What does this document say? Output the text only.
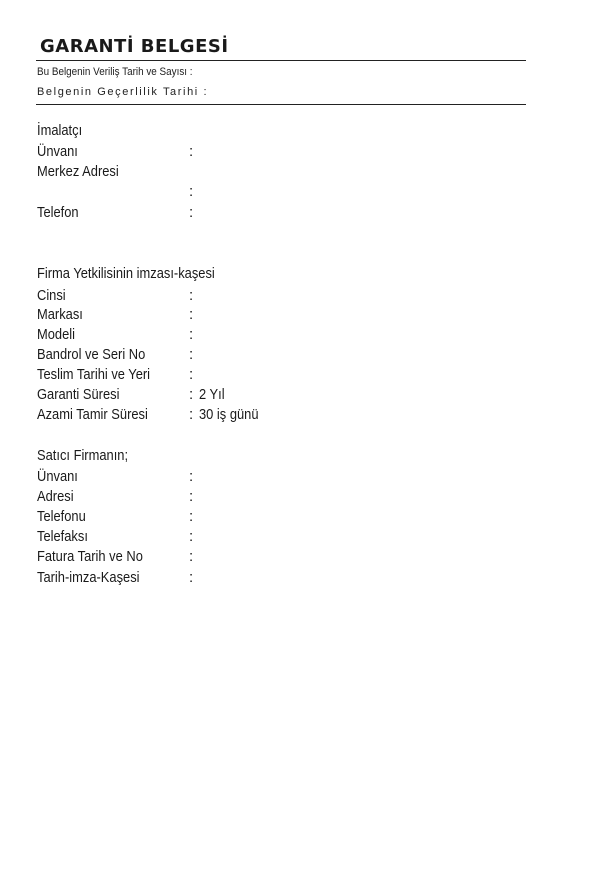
GARANTİ BELGESİ
Bu Belgenin Veriliş Tarih ve Sayısı :
Belgenin Geçerlilik Tarihi :
İmalatçı
Ünvanı	:
Merkez Adresi
:
Telefon	:
Firma Yetkilisinin imzası-kaşesi
Cinsi	:
Markası	:
Modeli	:
Bandrol ve Seri No	:
Teslim Tarihi ve Yeri	:
Garanti Süresi	: 2 Yıl
Azami Tamir Süresi	: 30 iş günü
Satıcı Firmanın;
Ünvanı	:
Adresi	:
Telefonu	:
Telefaksı	:
Fatura Tarih ve No	:
Tarih-imza-Kaşesi	:
